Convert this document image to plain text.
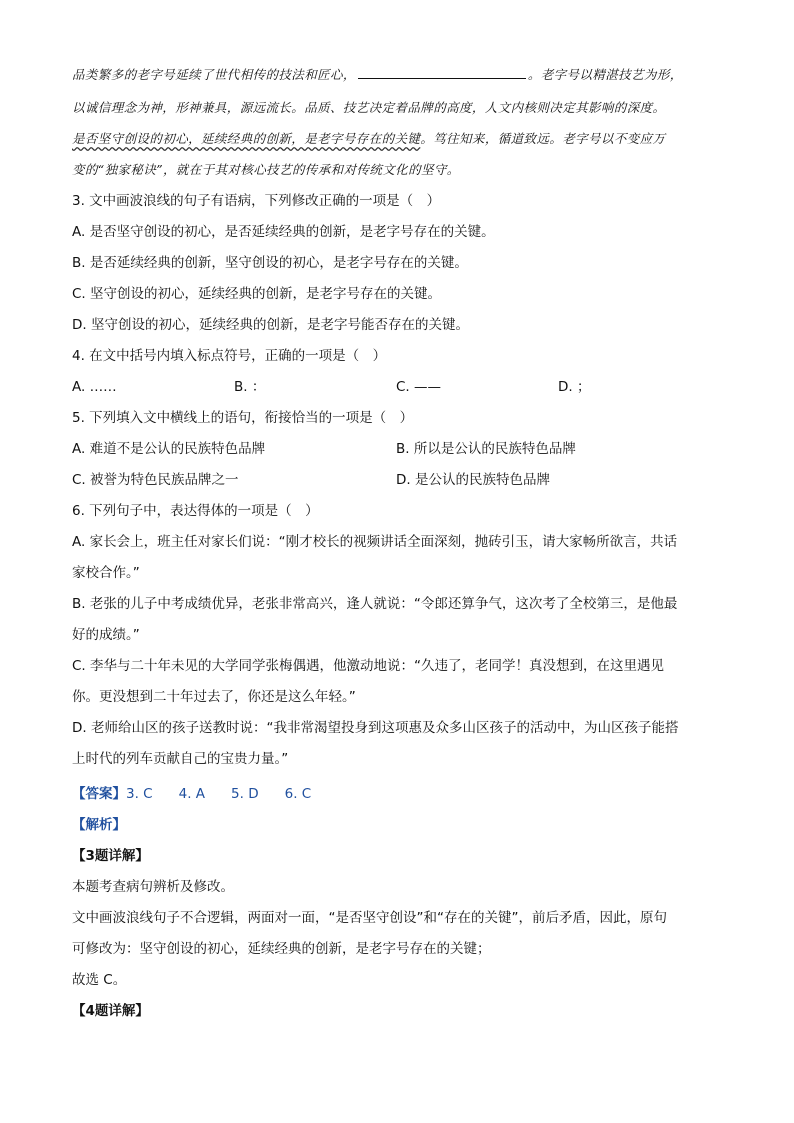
品类繁多的老字号延续了世代相传的技法和匠心，	。老字号以精湛技艺为形，
以诚信理念为神，形神兼具，源远流长。品质、技艺决定着品牌的高度，人文内核则决定其影响的深度。
是否坚守创设的初心，延续经典的创新，是老字号存在的关键。笃往知来，循道致远。老字号以不变应万
变的“独家秘诀”，就在于其对核心技艺的传承和对传统文化的坚守。
3. 文中画波浪线的句子有语病，下列修改正确的一项是（　）
A. 是否坚守创设的初心，是否延续经典的创新，是老字号存在的关键。
B. 是否延续经典的创新，坚守创设的初心，是老字号存在的关键。
C. 坚守创设的初心，延续经典的创新，是老字号存在的关键。
D. 坚守创设的初心，延续经典的创新，是老字号能否存在的关键。
4. 在文中括号内填入标点符号，正确的一项是（　）
A. ……	B. ：	C. ——	D. ；
5. 下列填入文中横线上的语句，衔接恰当的一项是（　）
A. 难道不是公认的民族特色品牌	B. 所以是公认的民族特色品牌
C. 被誉为特色民族品牌之一	D. 是公认的民族特色品牌
6. 下列句子中，表达得体的一项是（　）
A. 家长会上，班主任对家长们说：“刚才校长的视频讲话全面深刻，抛砖引玉，请大家畅所欲言，共话
家校合作。”
B. 老张的儿子中考成绩优异，老张非常高兴，逢人就说：“令郎还算争气，这次考了全校第三，是他最
好的成绩。”
C. 李华与二十年未见的大学同学张梅偶遇，他激动地说：“久违了，老同学！真没想到，在这里遇见
你。更没想到二十年过去了，你还是这么年轻。”
D. 老师给山区的孩子送教时说：“我非常渴望投身到这项惠及众多山区孩子的活动中，为山区孩子能搭
上时代的列车贡献自己的宝贵力量。”
【答案】3. C 4. A 5. D 6. C
【解析】
【3题详解】
本题考查病句辨析及修改。
文中画波浪线句子不合逻辑，两面对一面，“是否坚守创设”和“存在的关键”，前后矛盾，因此，原句
可修改为：坚守创设的初心，延续经典的创新，是老字号存在的关键；
故选 C。
【4题详解】
